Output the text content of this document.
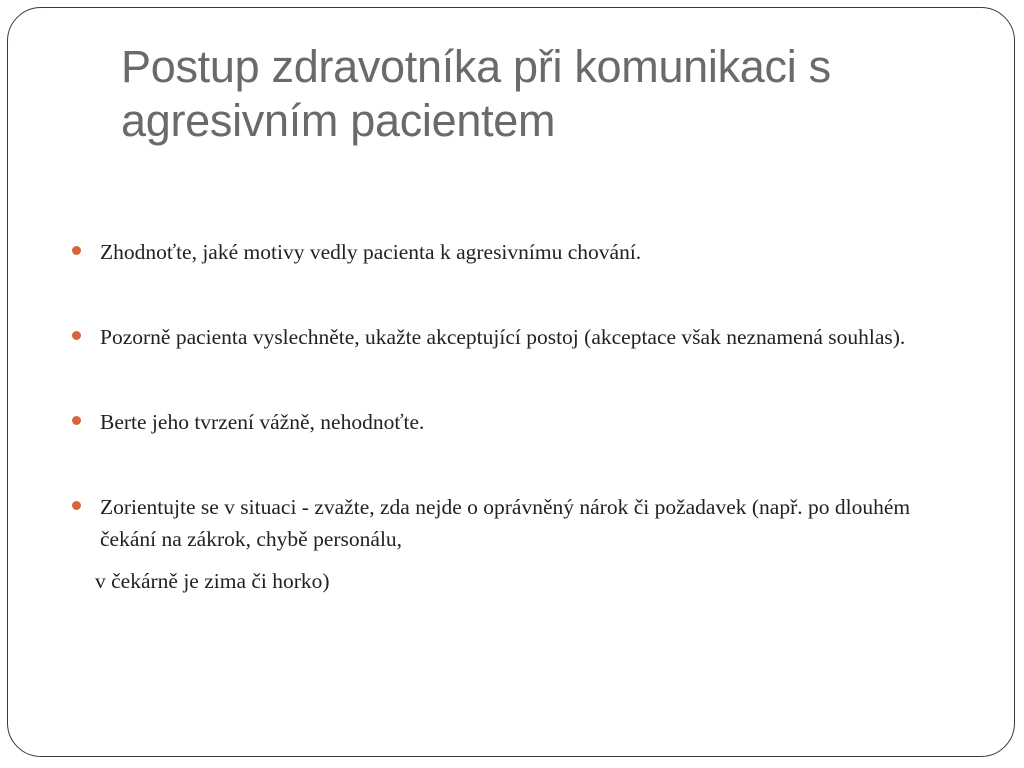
Postup zdravotníka při komunikaci s agresivním pacientem

Zhodnoťte, jaké motivy vedly pacienta k agresivnímu chování.

Pozorně pacienta vyslechněte, ukažte akceptující postoj (akceptace však neznamená souhlas).

Berte jeho tvrzení vážně, nehodnoťte.

Zorientujte se v situaci - zvažte, zda nejde o oprávněný nárok či požadavek (např. po dlouhém čekání na zákrok, chybě personálu,

v čekárně je zima či horko)
